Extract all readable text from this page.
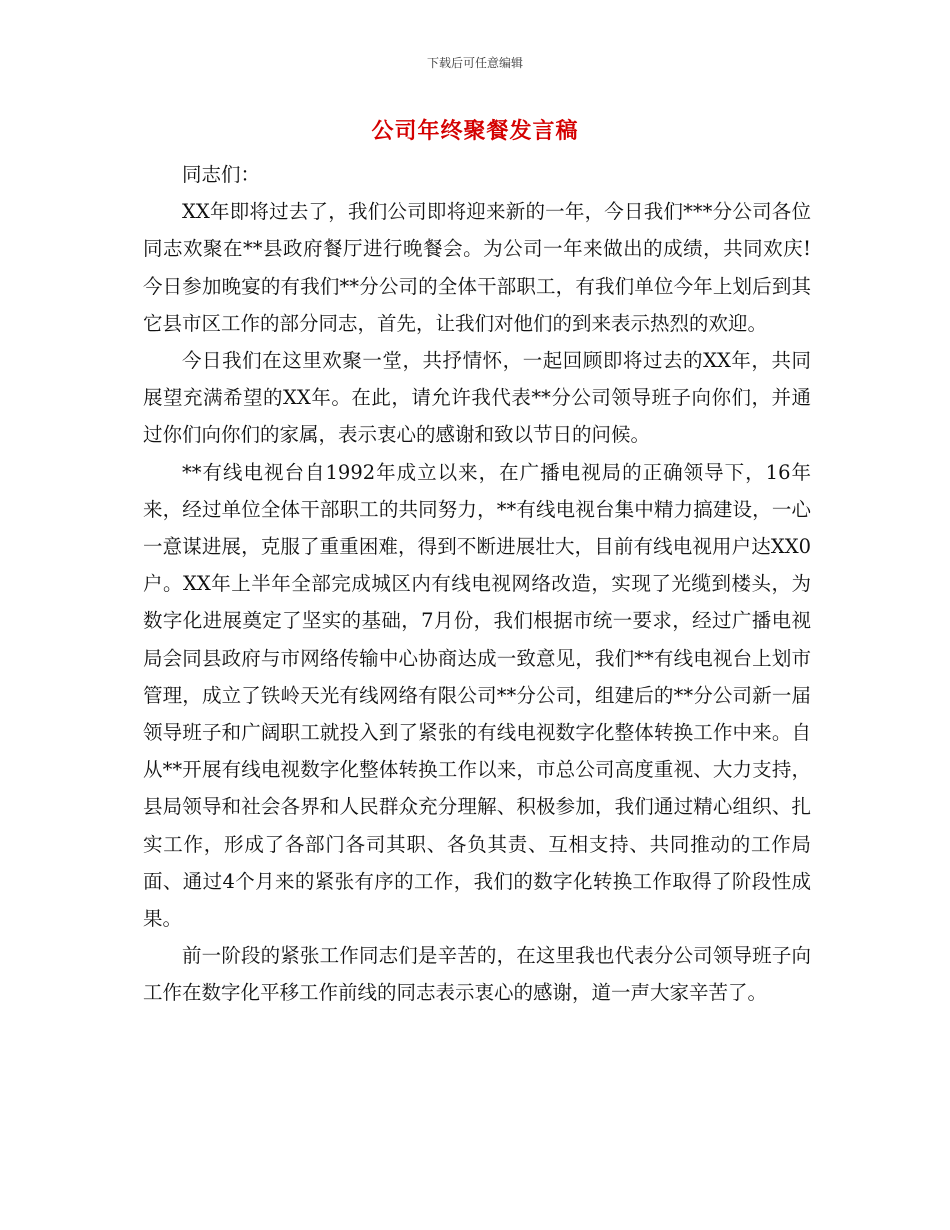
下载后可任意编辑
公司年终聚餐发言稿

同志们：

XX年即将过去了，我们公司即将迎来新的一年，今日我们***分公司各位同志欢聚在**县政府餐厅进行晚餐会。为公司一年来做出的成绩，共同欢庆!今日参加晚宴的有我们**分公司的全体干部职工，有我们单位今年上划后到其它县市区工作的部分同志，首先，让我们对他们的到来表示热烈的欢迎。

今日我们在这里欢聚一堂，共抒情怀，一起回顾即将过去的XX年，共同展望充满希望的XX年。在此，请允许我代表**分公司领导班子向你们，并通过你们向你们的家属，表示衷心的感谢和致以节日的问候。

**有线电视台自1992年成立以来，在广播电视局的正确领导下，16年来，经过单位全体干部职工的共同努力，**有线电视台集中精力搞建设，一心一意谋进展，克服了重重困难，得到不断进展壮大，目前有线电视用户达XX0户。XX年上半年全部完成城区内有线电视网络改造，实现了光缆到楼头，为数字化进展奠定了坚实的基础，7月份，我们根据市统一要求，经过广播电视局会同县政府与市网络传输中心协商达成一致意见，我们**有线电视台上划市管理，成立了铁岭天光有线网络有限公司**分公司，组建后的**分公司新一届领导班子和广阔职工就投入到了紧张的有线电视数字化整体转换工作中来。自从**开展有线电视数字化整体转换工作以来，市总公司高度重视、大力支持，县局领导和社会各界和人民群众充分理解、积极参加，我们通过精心组织、扎实工作，形成了各部门各司其职、各负其责、互相支持、共同推动的工作局面、通过4个月来的紧张有序的工作，我们的数字化转换工作取得了阶段性成果。

前一阶段的紧张工作同志们是辛苦的，在这里我也代表分公司领导班子向工作在数字化平移工作前线的同志表示衷心的感谢，道一声大家辛苦了。
